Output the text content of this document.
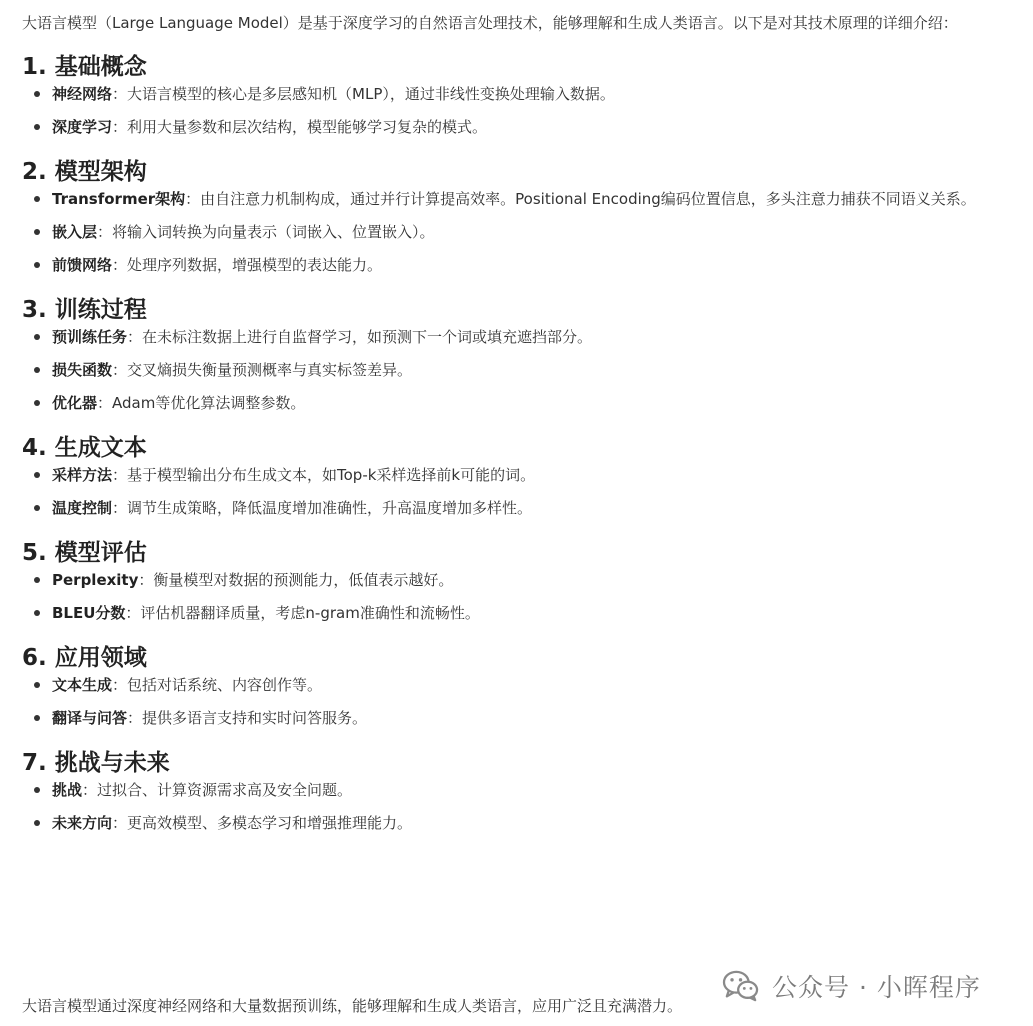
大语言模型（Large Language Model）是基于深度学习的自然语言处理技术，能够理解和生成人类语言。以下是对其技术原理的详细介绍：

1. 基础概念
神经网络：大语言模型的核心是多层感知机（MLP），通过非线性变换处理输入数据。
深度学习：利用大量参数和层次结构，模型能够学习复杂的模式。
2. 模型架构
Transformer架构：由自注意力机制构成，通过并行计算提高效率。Positional Encoding编码位置信息，多头注意力捕获不同语义关系。
嵌入层：将输入词转换为向量表示（词嵌入、位置嵌入）。
前馈网络：处理序列数据，增强模型的表达能力。
3. 训练过程
预训练任务：在未标注数据上进行自监督学习，如预测下一个词或填充遮挡部分。
损失函数：交叉熵损失衡量预测概率与真实标签差异。
优化器：Adam等优化算法调整参数。
4. 生成文本
采样方法：基于模型输出分布生成文本，如Top-k采样选择前k可能的词。
温度控制：调节生成策略，降低温度增加准确性，升高温度增加多样性。
5. 模型评估
Perplexity：衡量模型对数据的预测能力，低值表示越好。
BLEU分数：评估机器翻译质量，考虑n-gram准确性和流畅性。
6. 应用领域
文本生成：包括对话系统、内容创作等。
翻译与问答：提供多语言支持和实时问答服务。
7. 挑战与未来
挑战：过拟合、计算资源需求高及安全问题。
未来方向：更高效模型、多模态学习和增强推理能力。

大语言模型通过深度神经网络和大量数据预训练，能够理解和生成人类语言，应用广泛且充满潜力。

公众号 · 小晖程序
